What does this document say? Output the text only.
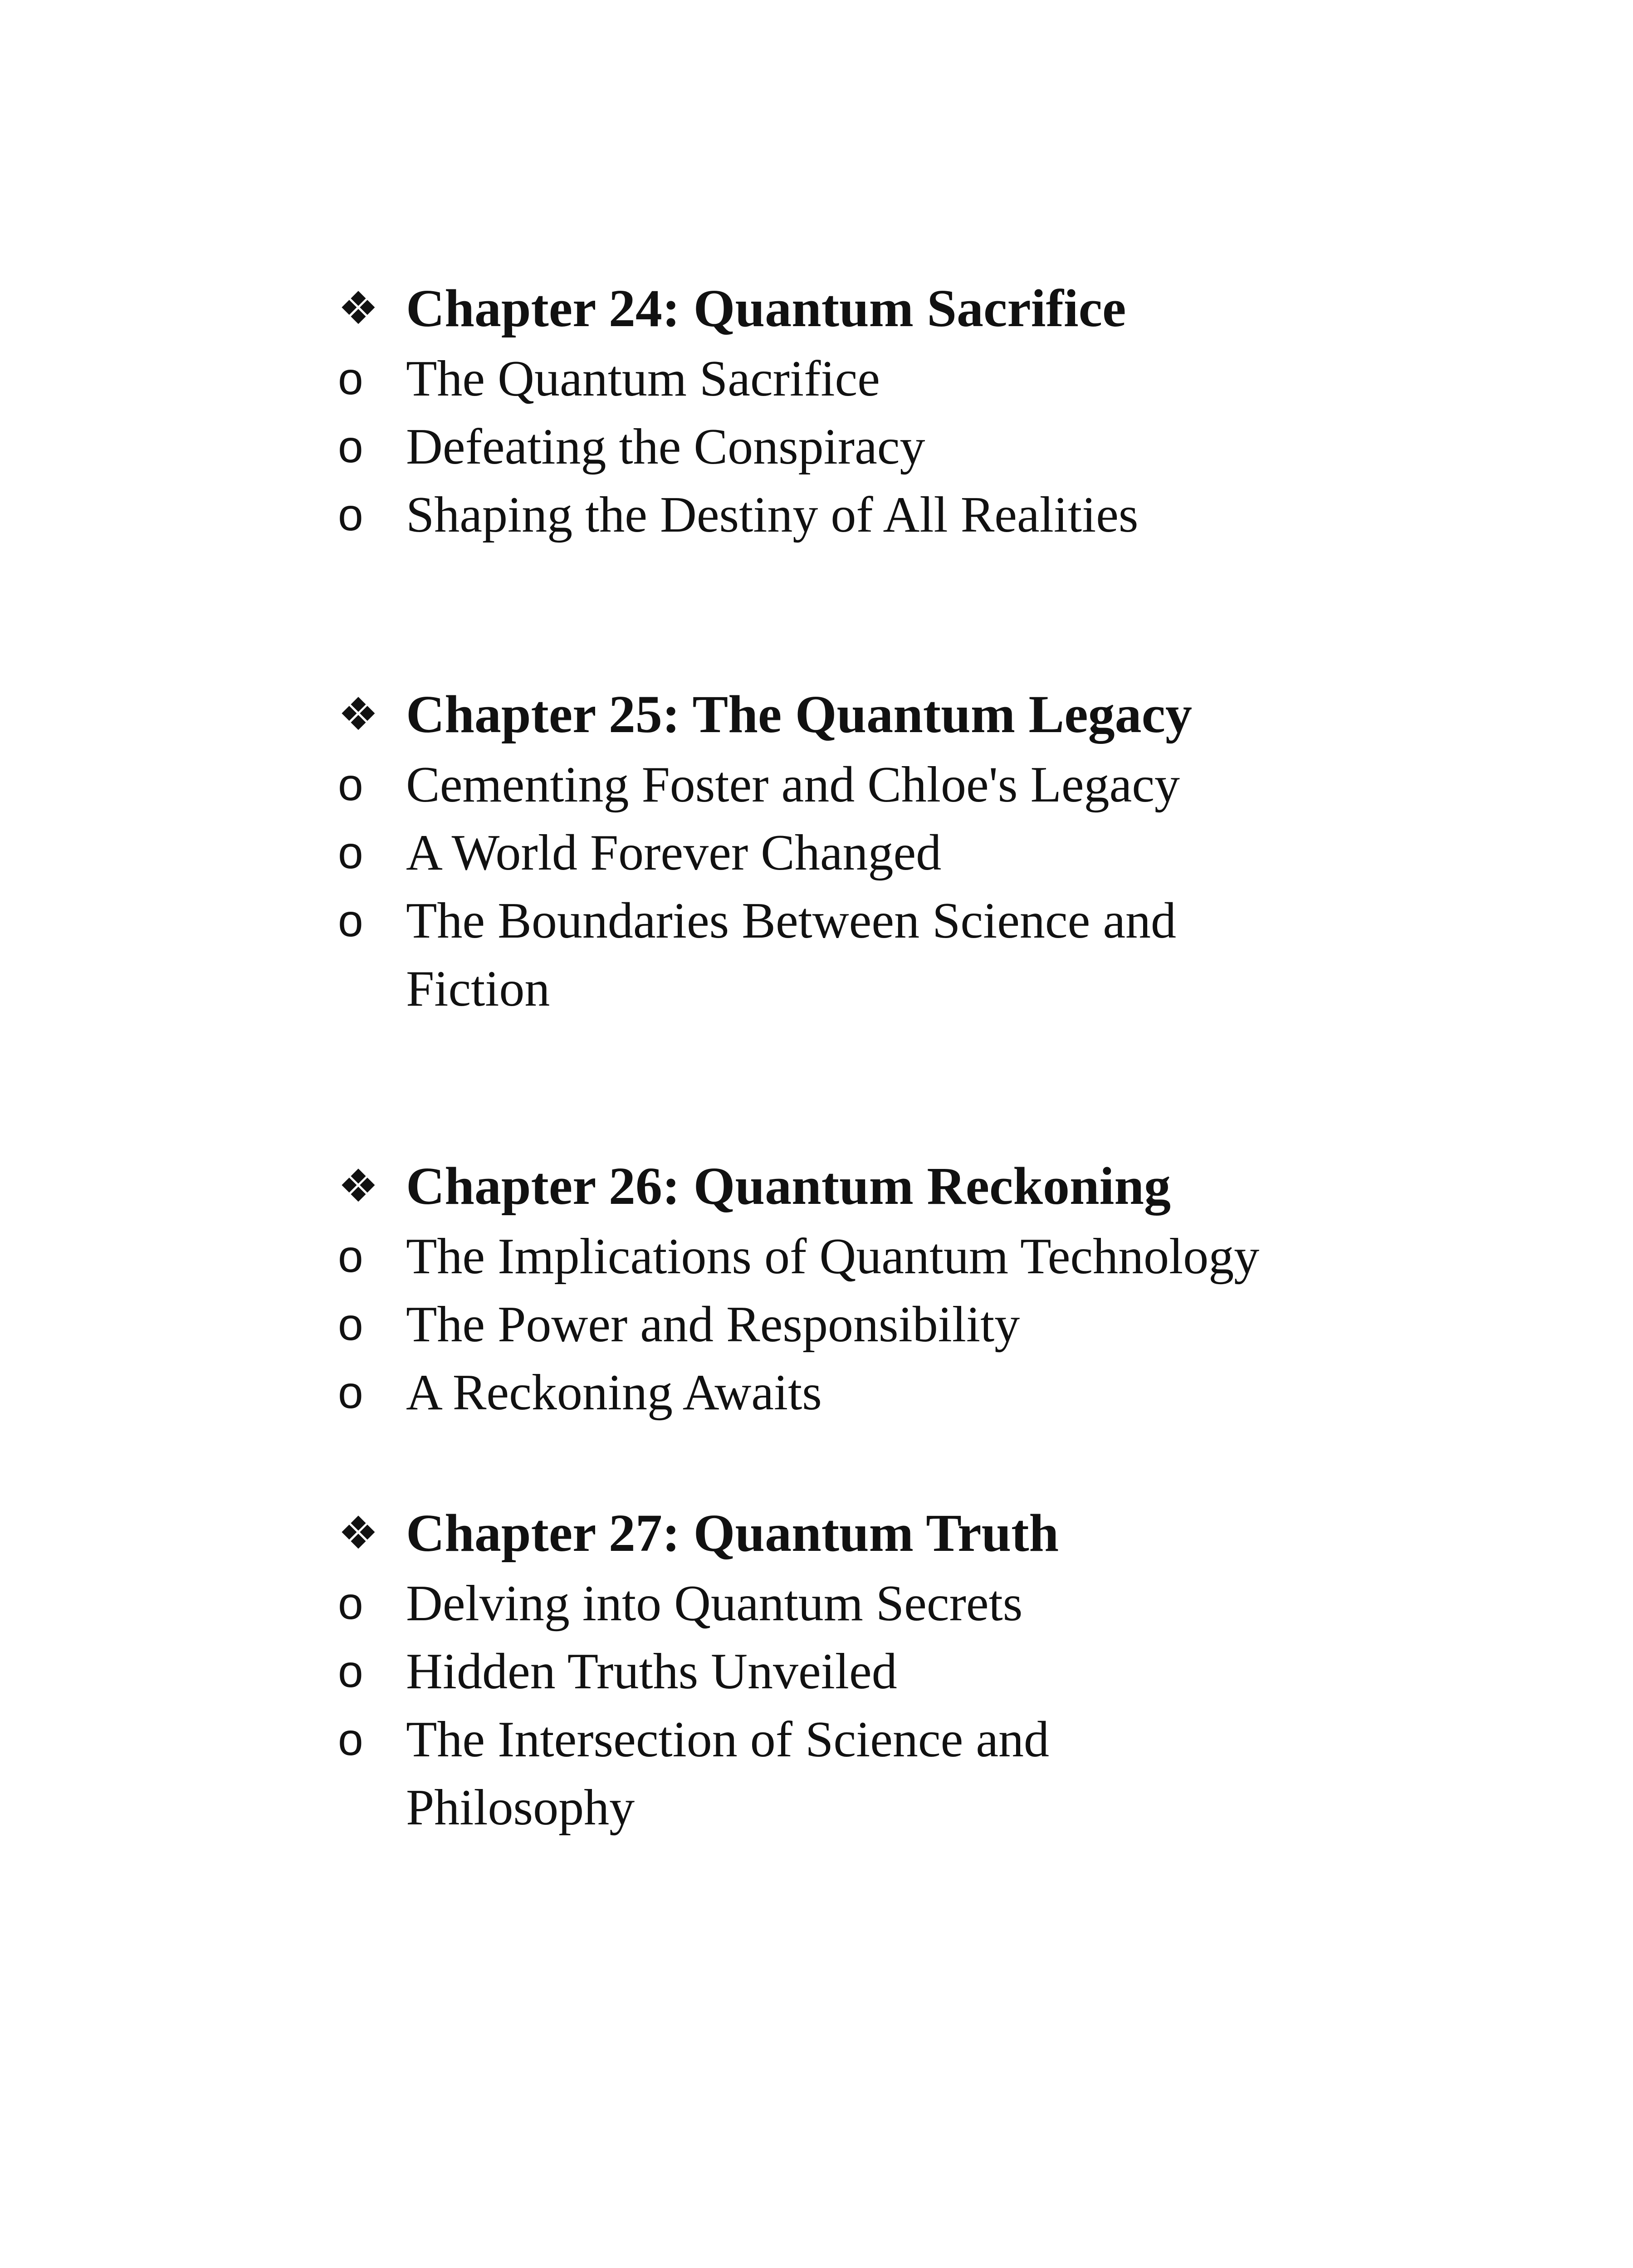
❖ Chapter 24: Quantum Sacrifice
o The Quantum Sacrifice
o Defeating the Conspiracy
o Shaping the Destiny of All Realities
❖ Chapter 25: The Quantum Legacy
o Cementing Foster and Chloe's Legacy
o A World Forever Changed
o The Boundaries Between Science and Fiction
❖ Chapter 26: Quantum Reckoning
o The Implications of Quantum Technology
o The Power and Responsibility
o A Reckoning Awaits
❖ Chapter 27: Quantum Truth
o Delving into Quantum Secrets
o Hidden Truths Unveiled
o The Intersection of Science and Philosophy
